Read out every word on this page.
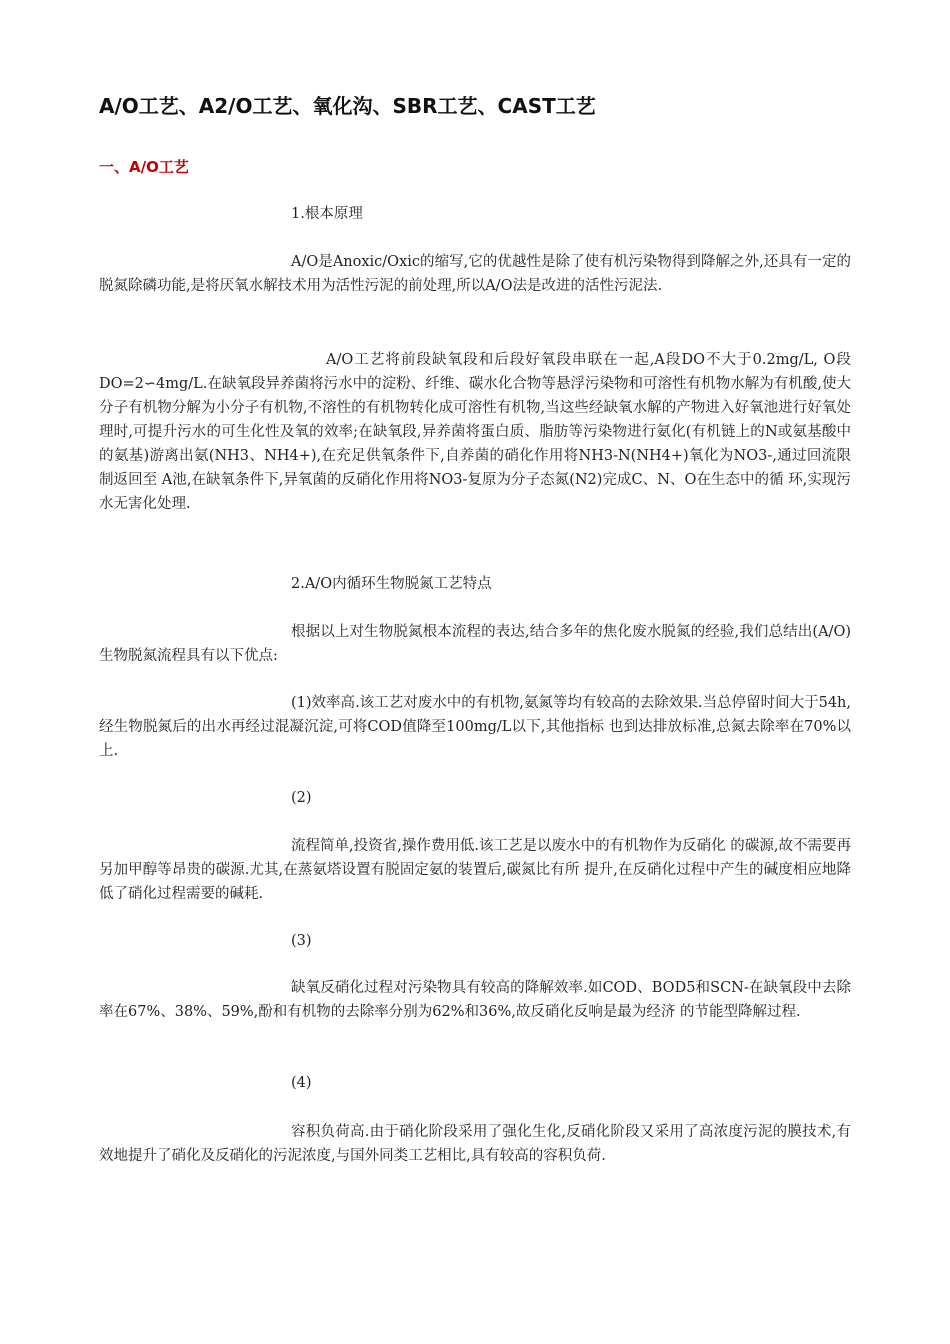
A/O工艺、A2/O工艺、氧化沟、SBR工艺、CAST工艺
一、A/O工艺
1.根本原理

A/O是Anoxic/Oxic的缩写,它的优越性是除了使有机污染物得到降解之外,还具有一定的脱氮除磷功能,是将厌氧水解技术用为活性污泥的前处理,所以A/O法是改进的活性污泥法.

A/O工艺将前段缺氧段和后段好氧段串联在一起,A段DO不大于0.2mg/L, O段DO=2∽4mg/L.在缺氧段异养菌将污水中的淀粉、纤维、碳水化合物等悬浮污染物和可溶性有机物水解为有机酸,使大分子有机物分解为小分子有机物,不溶性的有机物转化成可溶性有机物,当这些经缺氧水解的产物进入好氧池进行好氧处理时,可提升污水的可生化性及氧的效率;在缺氧段,异养菌将蛋白质、脂肪等污染物进行氨化(有机链上的N或氨基酸中的氨基)游离出氨(NH3、NH4+),在充足供氧条件下,自养菌的硝化作用将NH3-N(NH4+)氧化为NO3-,通过回流限制返回至 A池,在缺氧条件下,异氧菌的反硝化作用将NO3-复原为分子态氮(N2)完成C、N、O在生态中的循 环,实现污水无害化处理.

2.A/O内循环生物脱氮工艺特点

根据以上对生物脱氮根本流程的表达,结合多年的焦化废水脱氮的经验,我们总结出(A/O)生物脱氮流程具有以下优点:

(1)效率高.该工艺对废水中的有机物,氨氮等均有较高的去除效果.当总停留时间大于54h,经生物脱氮后的出水再经过混凝沉淀,可将COD值降至100mg/L以下,其他指标 也到达排放标准,总氮去除率在70%以上.

(2)

流程简单,投资省,操作费用低.该工艺是以废水中的有机物作为反硝化 的碳源,故不需要再另加甲醇等昂贵的碳源.尤其,在蒸氨塔设置有脱固定氨的装置后,碳氮比有所 提升,在反硝化过程中产生的碱度相应地降低了硝化过程需要的碱耗.

(3)

缺氧反硝化过程对污染物具有较高的降解效率.如COD、BOD5和SCN-在缺氧段中去除率在67%、38%、59%,酚和有机物的去除率分别为62%和36%,故反硝化反响是最为经济 的节能型降解过程.

(4)

容积负荷高.由于硝化阶段采用了强化生化,反硝化阶段又采用了高浓度污泥的膜技术,有效地提升了硝化及反硝化的污泥浓度,与国外同类工艺相比,具有较高的容积负荷.
